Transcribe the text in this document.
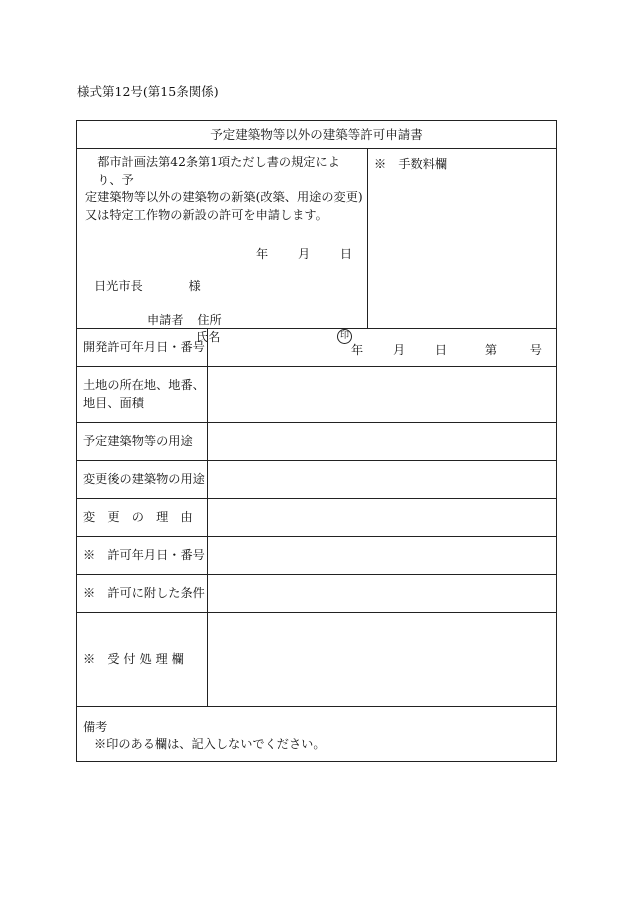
様式第12号(第15条関係)
予定建築物等以外の建築等許可申請書
都市計画法第42条第1項ただし書の規定により、予
定建築物等以外の建築物の新築(改築、用途の変更)
又は特定工作物の新設の許可を申請します。
年 月 日
日光市長	様
申請者 住所
氏名	印
※　手数料欄
開発許可年月日・番号	年 月 日	第	号
土地の所在地、地番、
地目、面積
予定建築物等の用途
変更後の建築物の用途
変　更　の　理　由
※　許可年月日・番号
※　許可に附した条件
※　受 付 処 理 欄
備考
※印のある欄は、記入しないでください。
